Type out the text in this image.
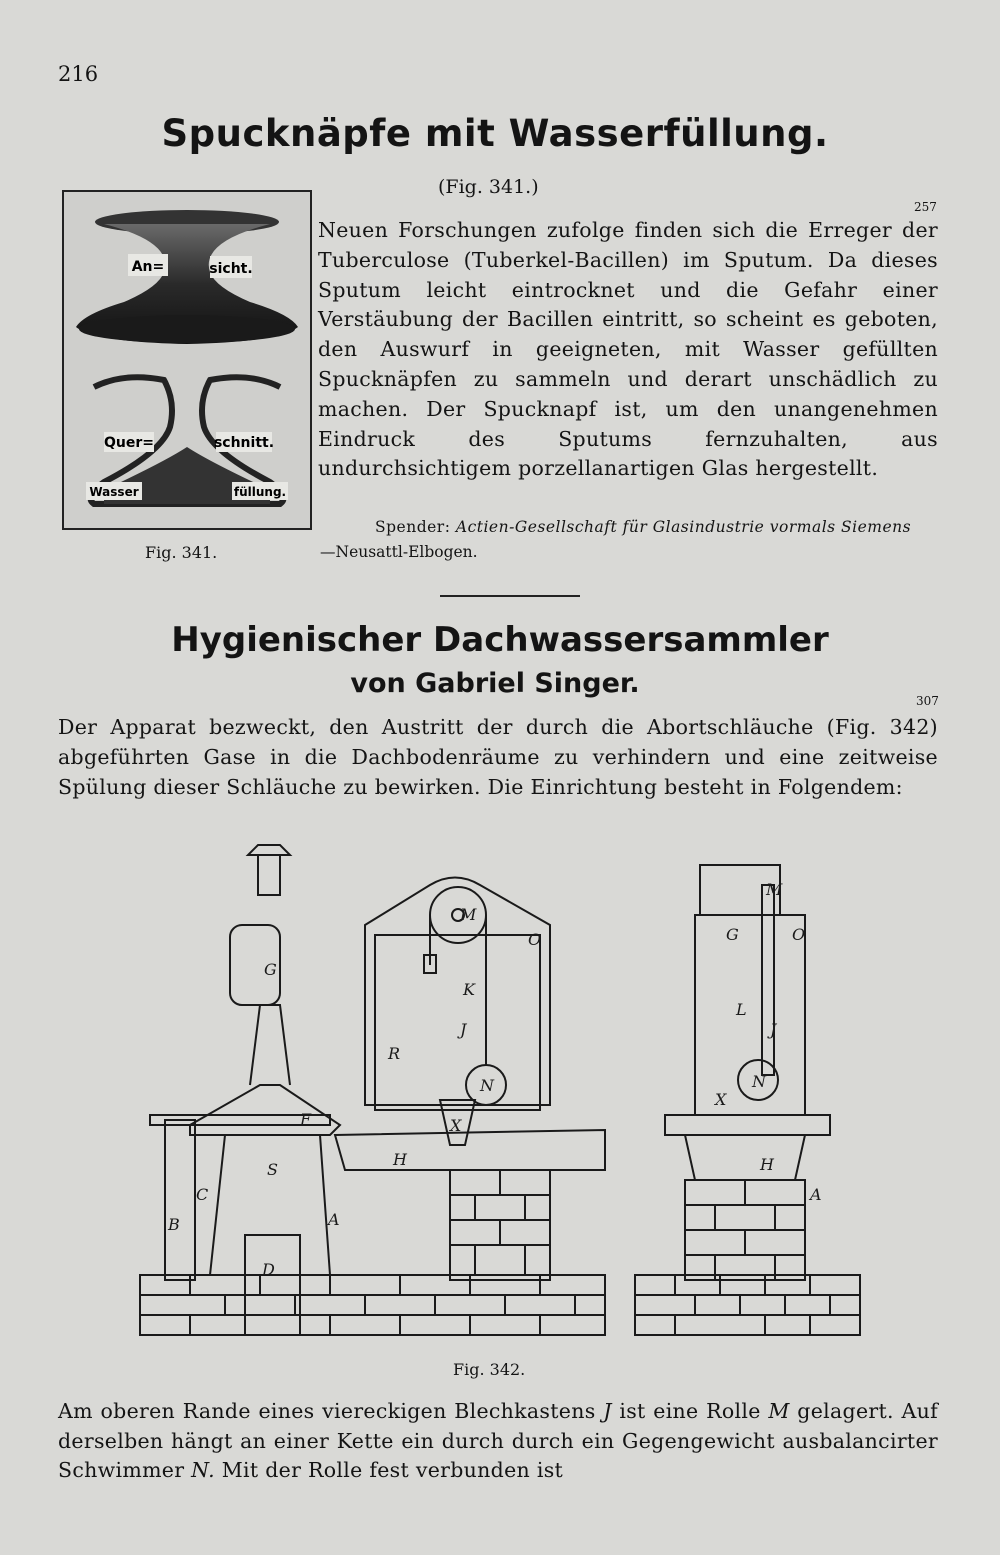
216
Spucknäpfe mit Wasserfüllung.
(Fig. 341.)
257
An=	sicht.
Quer=	schnitt.
Wasser	füllung.
Fig. 341.
Neuen Forschungen zufolge finden sich die Erreger der Tuberculose (Tuberkel-Bacillen) im Sputum. Da dieses Sputum leicht eintrocknet und die Gefahr einer Verstäubung der Bacillen eintritt, so scheint es geboten, den Auswurf in geeigneten, mit Wasser gefüllten Spucknäpfen zu sammeln und derart unschädlich zu machen. Der Spucknapf ist, um den unangenehmen Eindruck des Sputums fernzuhalten, aus undurchsichtigem porzellanartigen Glas hergestellt.
Spender: Actien-Gesellschaft für Glasindustrie vormals Siemens
—Neusattl-Elbogen.
Hygienischer Dachwassersammler
von Gabriel Singer.
307
Der Apparat bezweckt, den Austritt der durch die Abortschläuche (Fig. 342) abgeführten Gase in die Dachbodenräume zu verhindern und eine zeitweise Spülung dieser Schläuche zu bewirken. Die Einrichtung besteht in Folgendem:
G
S
A
B
C
D
F
O
M
K
J
N
R
X
H
M
G	O
L
J
N
X
H
A
Fig. 342.
Am oberen Rande eines viereckigen Blechkastens J ist eine Rolle M gelagert. Auf derselben hängt an einer Kette ein durch durch ein Gegengewicht ausbalancirter Schwimmer N. Mit der Rolle fest verbunden ist
